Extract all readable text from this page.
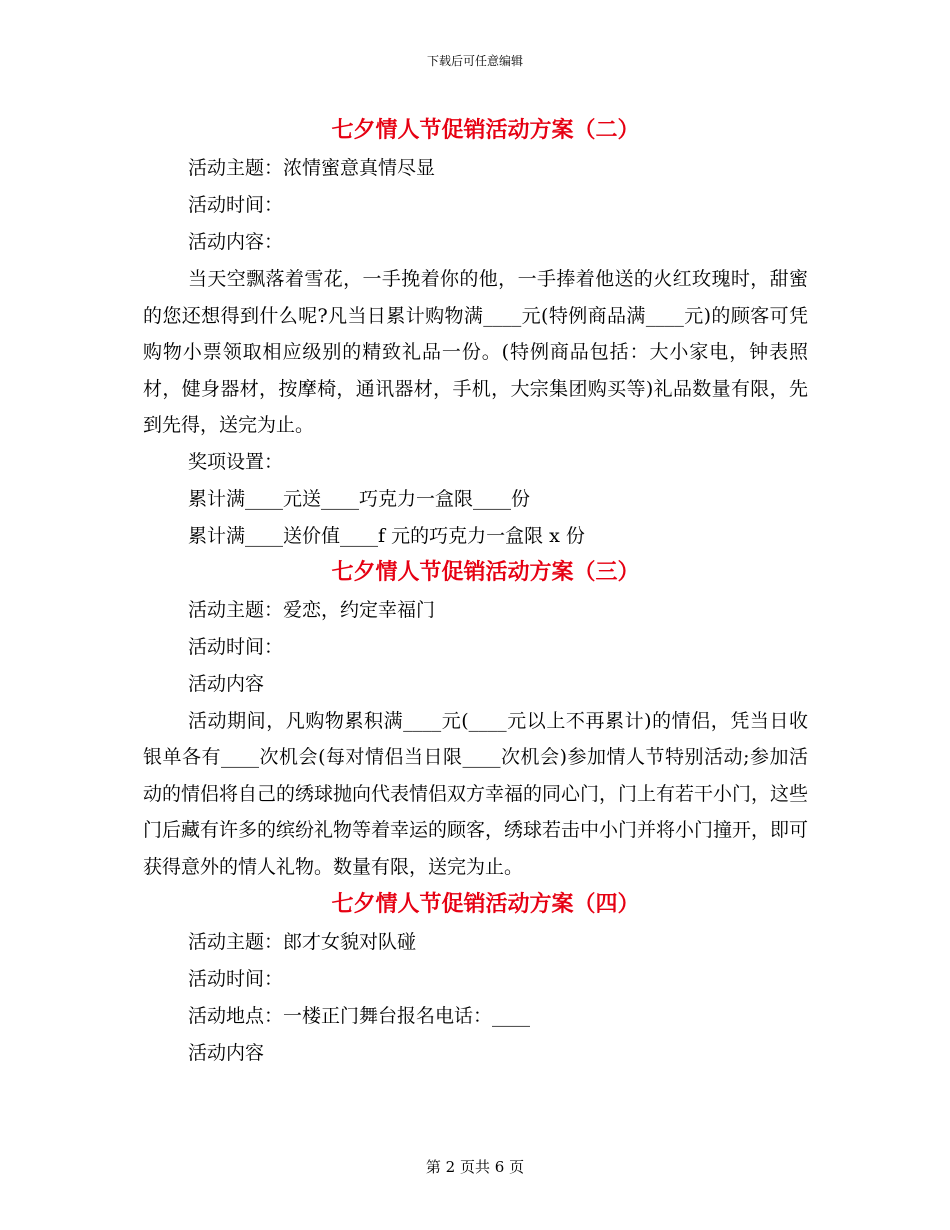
下载后可任意编辑
七夕情人节促销活动方案（二）

活动主题：浓情蜜意真情尽显

活动时间：

活动内容：

当天空飘落着雪花，一手挽着你的他，一手捧着他送的火红玫瑰时，甜蜜的您还想得到什么呢?凡当日累计购物满____元(特例商品满____元)的顾客可凭购物小票领取相应级别的精致礼品一份。(特例商品包括：大小家电，钟表照材，健身器材，按摩椅，通讯器材，手机，大宗集团购买等)礼品数量有限，先到先得，送完为止。

奖项设置：

累计满____元送____巧克力一盒限____份

累计满____送价值____f 元的巧克力一盒限 x 份

七夕情人节促销活动方案（三）

活动主题：爱恋，约定幸福门

活动时间：

活动内容

活动期间，凡购物累积满____元(____元以上不再累计)的情侣，凭当日收银单各有____次机会(每对情侣当日限____次机会)参加情人节特别活动;参加活动的情侣将自己的绣球抛向代表情侣双方幸福的同心门，门上有若干小门，这些门后藏有许多的缤纷礼物等着幸运的顾客，绣球若击中小门并将小门撞开，即可获得意外的情人礼物。数量有限，送完为止。

七夕情人节促销活动方案（四）

活动主题：郎才女貌对队碰

活动时间：

活动地点：一楼正门舞台报名电话：____

活动内容

第 2 页共 6 页
